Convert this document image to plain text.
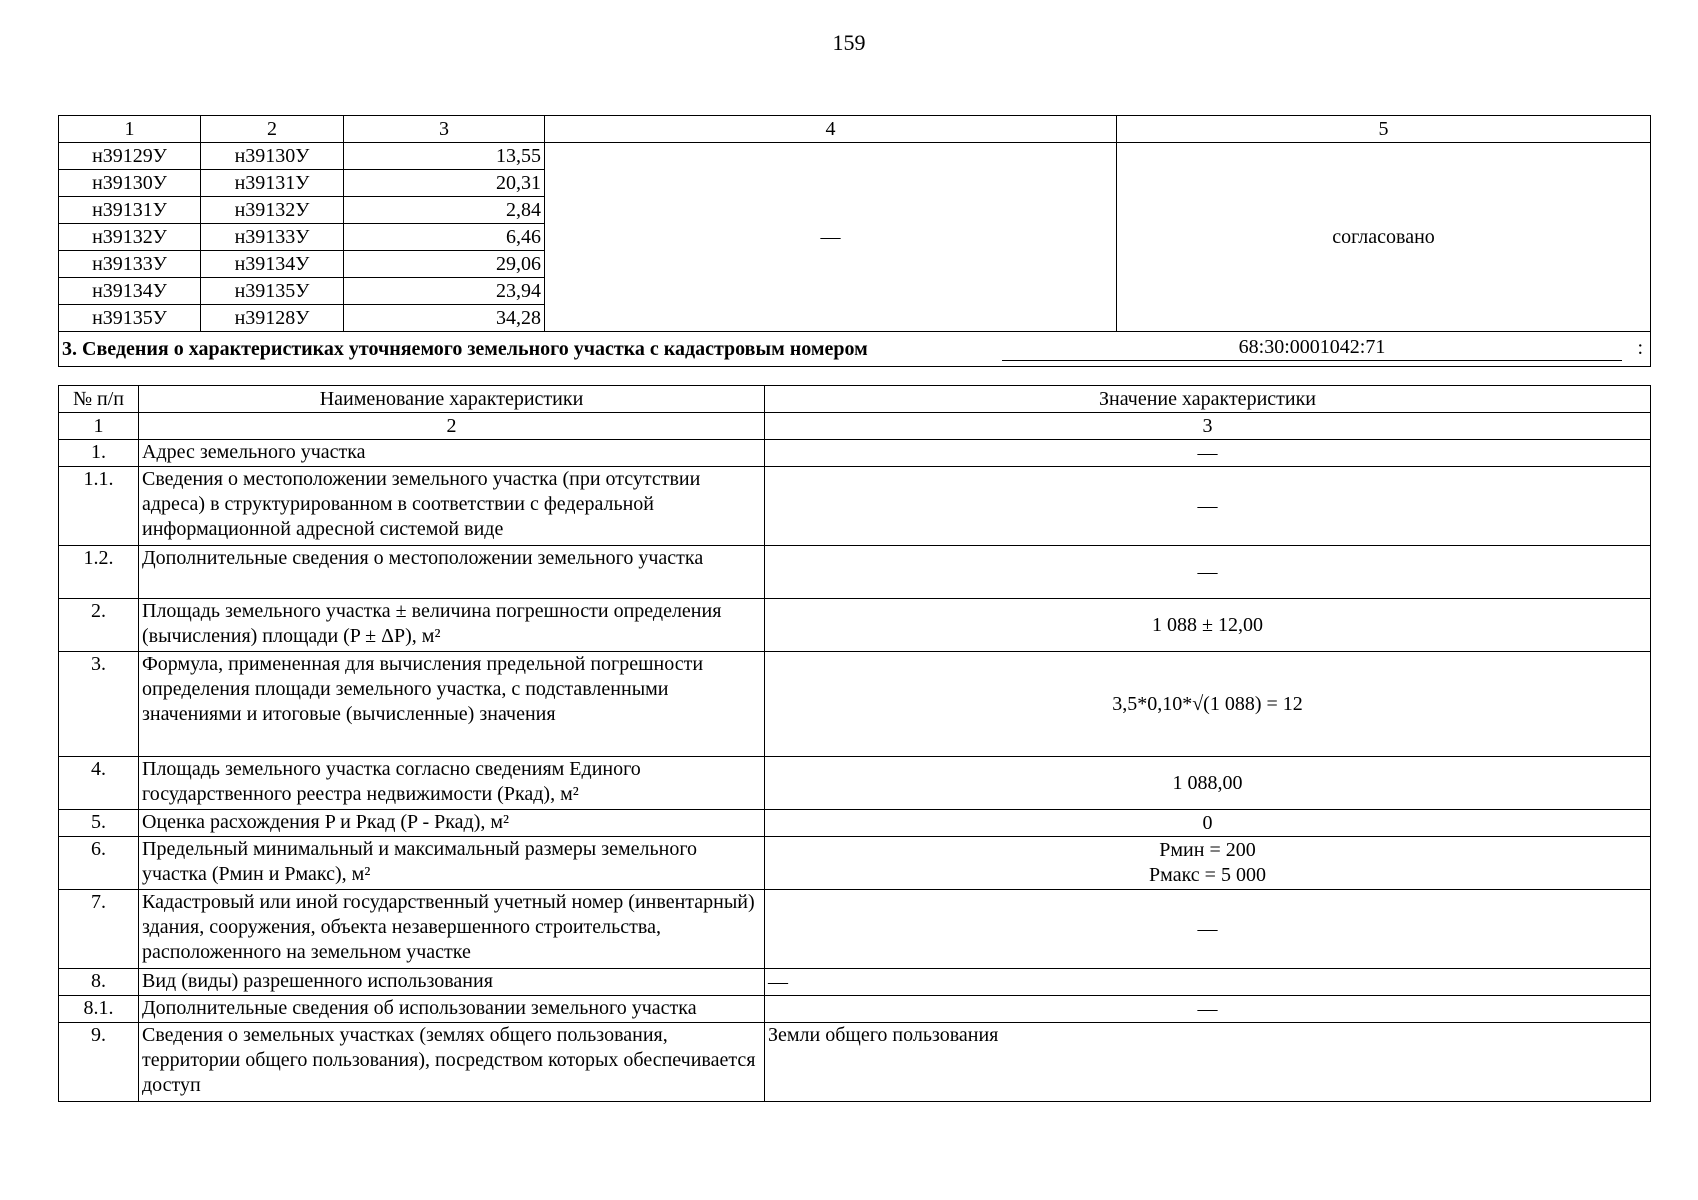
159
1	2	3	4	5
н39129У	н39130У	13,55	—	согласовано
н39130У	н39131У	20,31		
н39131У	н39132У	2,84		
н39132У	н39133У	6,46		
н39133У	н39134У	29,06		
н39134У	н39135У	23,94		
н39135У	н39128У	34,28		

3. Сведения о характеристиках уточняемого земельного участка с кадастровым номером 68:30:0001042:71 :				
№ п/п	Наименование характеристики	Значение характеристики
1	2	3
1.	Адрес земельного участка	—
1.1.	Сведения о местоположении земельного участка (при отсутствии адреса) в структурированном в соответствии с федеральной информационной адресной системой виде	—
1.2.	Дополнительные сведения о местоположении земельного участка	—
2.	Площадь земельного участка ± величина погрешности определения (вычисления) площади (P ± ΔP), м²	1 088 ± 12,00
3.	Формула, примененная для вычисления предельной погрешности определения площади земельного участка, с подставленными значениями и итоговые (вычисленные) значения	3,5*0,10*√(1 088) = 12
4.	Площадь земельного участка согласно сведениям Единого государственного реестра недвижимости (Ркад), м²	1 088,00
5.	Оценка расхождения P и Ркад (P - Ркад), м²	0
6.	Предельный минимальный и максимальный размеры земельного участка (Рмин и Рмакс), м²	Рмин = 200
Рмакс = 5 000

7.	Кадастровый или иной государственный учетный номер (инвентарный) здания, сооружения, объекта незавершенного строительства, расположенного на земельном участке	—
8.	Вид (виды) разрешенного использования	—
8.1.	Дополнительные сведения об использовании земельного участка	—
9.	Сведения о земельных участках (землях общего пользования, территории общего пользования), посредством которых обеспечивается доступ	Земли общего пользования
